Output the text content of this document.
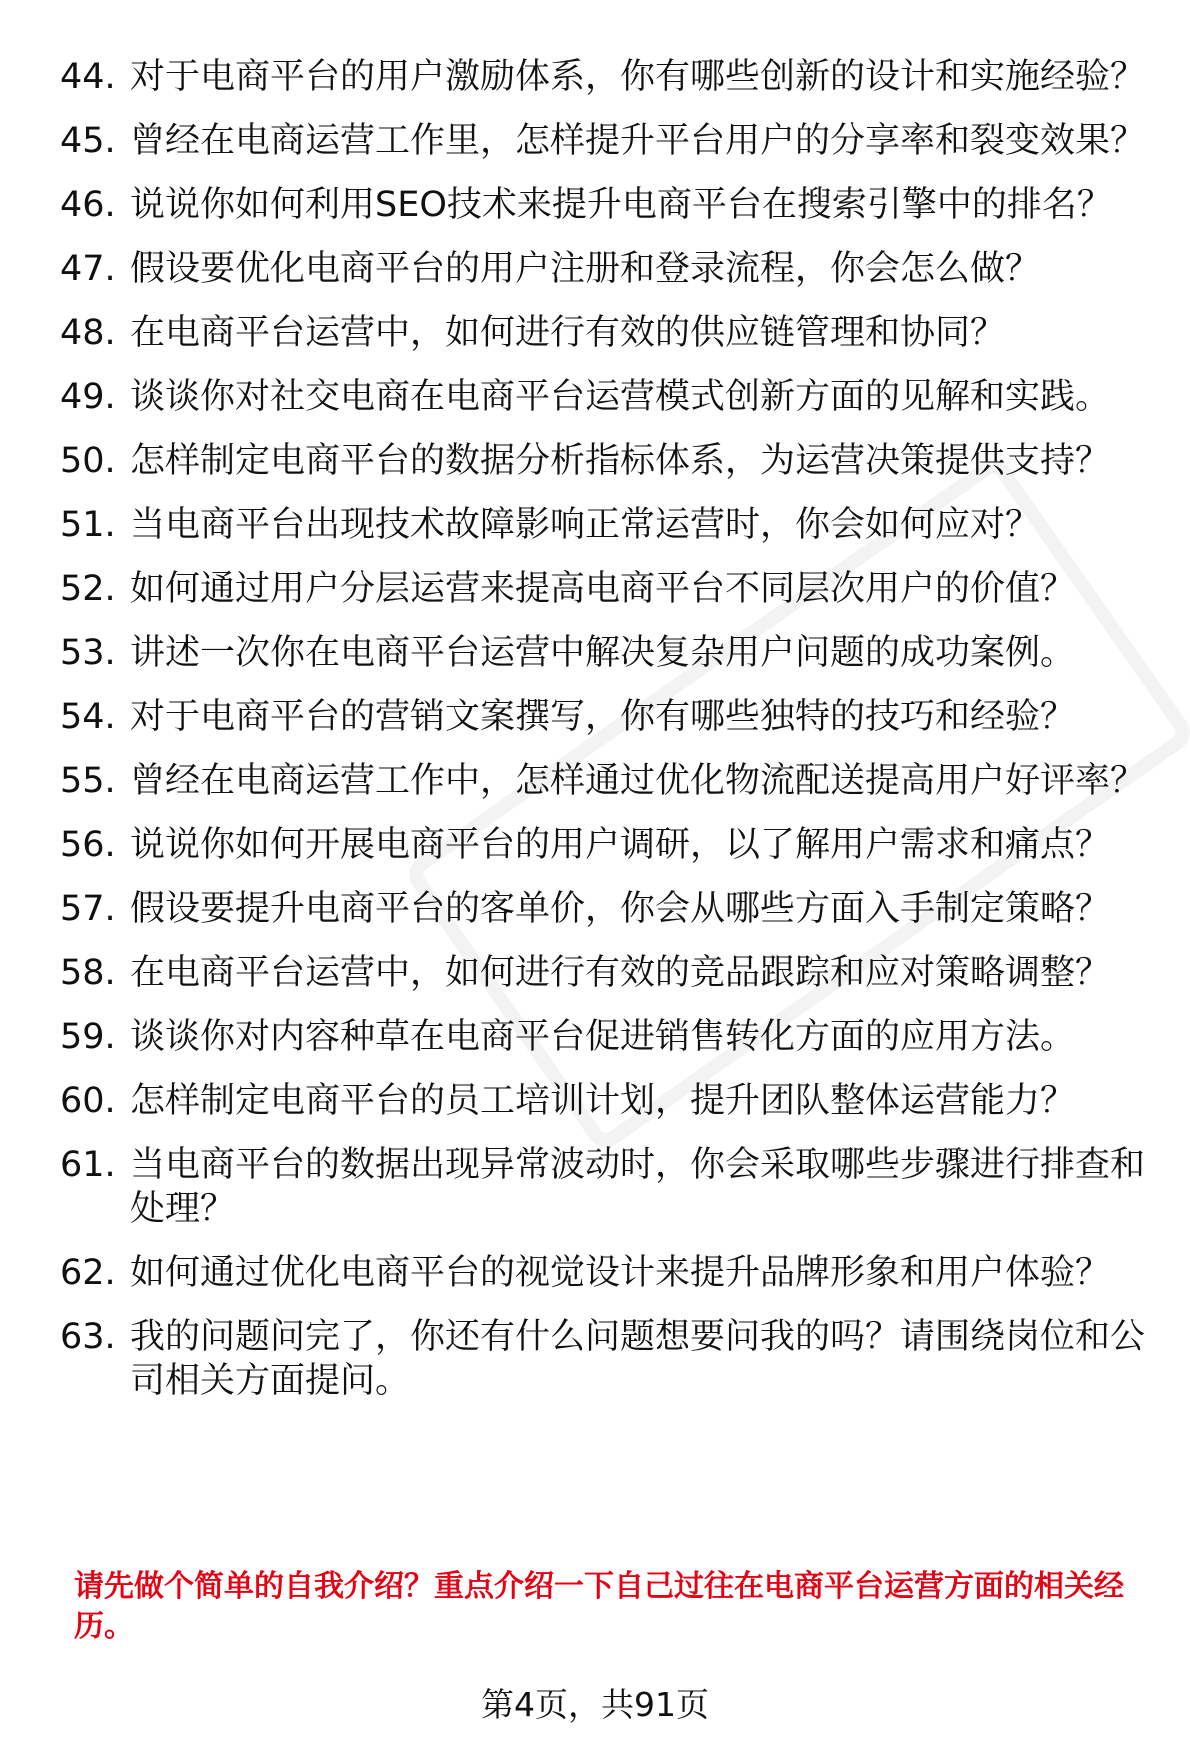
44. 对于电商平台的用户激励体系，你有哪些创新的设计和实施经验？
45. 曾经在电商运营工作里，怎样提升平台用户的分享率和裂变效果？
46. 说说你如何利用SEO技术来提升电商平台在搜索引擎中的排名？
47. 假设要优化电商平台的用户注册和登录流程，你会怎么做？
48. 在电商平台运营中，如何进行有效的供应链管理和协同？
49. 谈谈你对社交电商在电商平台运营模式创新方面的见解和实践。
50. 怎样制定电商平台的数据分析指标体系，为运营决策提供支持？
51. 当电商平台出现技术故障影响正常运营时，你会如何应对？
52. 如何通过用户分层运营来提高电商平台不同层次用户的价值？
53. 讲述一次你在电商平台运营中解决复杂用户问题的成功案例。
54. 对于电商平台的营销文案撰写，你有哪些独特的技巧和经验？
55. 曾经在电商运营工作中，怎样通过优化物流配送提高用户好评率？
56. 说说你如何开展电商平台的用户调研，以了解用户需求和痛点？
57. 假设要提升电商平台的客单价，你会从哪些方面入手制定策略？
58. 在电商平台运营中，如何进行有效的竞品跟踪和应对策略调整？
59. 谈谈你对内容种草在电商平台促进销售转化方面的应用方法。
60. 怎样制定电商平台的员工培训计划，提升团队整体运营能力？
61. 当电商平台的数据出现异常波动时，你会采取哪些步骤进行排查和处理？
62. 如何通过优化电商平台的视觉设计来提升品牌形象和用户体验？
63. 我的问题问完了，你还有什么问题想要问我的吗？请围绕岗位和公司相关方面提问。

请先做个简单的自我介绍？重点介绍一下自己过往在电商平台运营方面的相关经历。

第4页，共91页
